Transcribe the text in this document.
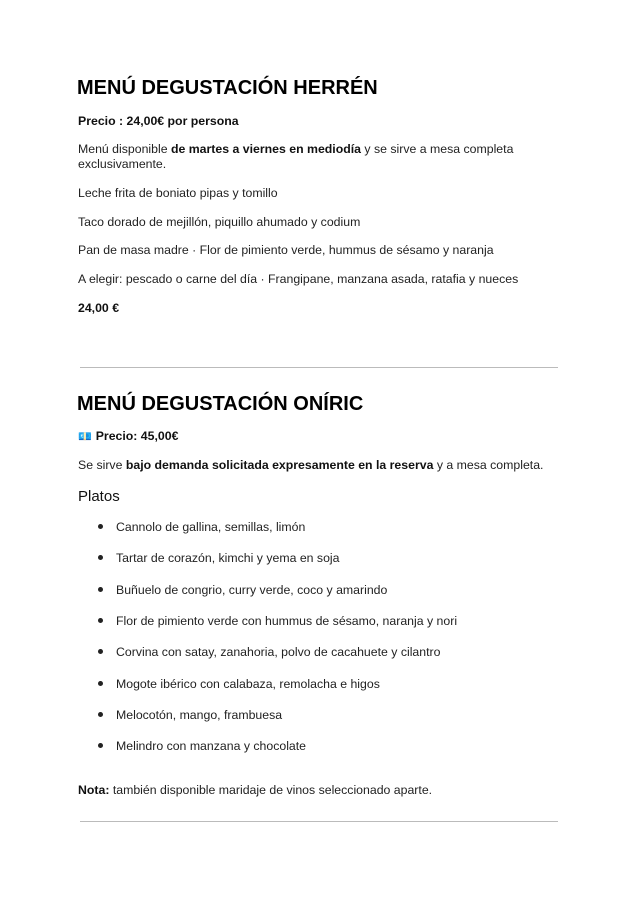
MENÚ DEGUSTACIÓN HERRÉN
Precio : 24,00€ por persona
Menú disponible de martes a viernes en mediodía y se sirve a mesa completa
exclusivamente.
Leche frita de boniato pipas y tomillo
Taco dorado de mejillón, piquillo ahumado y codium
Pan de masa madre · Flor de pimiento verde, hummus de sésamo y naranja
A elegir: pescado o carne del día · Frangipane, manzana asada, ratafia y nueces
24,00 €
MENÚ DEGUSTACIÓN ONÍRIC
💶 Precio: 45,00€
Se sirve bajo demanda solicitada expresamente en la reserva y a mesa completa.
Platos
Cannolo de gallina, semillas, limón
Tartar de corazón, kimchi y yema en soja
Buñuelo de congrio, curry verde, coco y amarindo
Flor de pimiento verde con hummus de sésamo, naranja y nori
Corvina con satay, zanahoria, polvo de cacahuete y cilantro
Mogote ibérico con calabaza, remolacha e higos
Melocotón, mango, frambuesa
Melindro con manzana y chocolate
Nota: también disponible maridaje de vinos seleccionado aparte.
